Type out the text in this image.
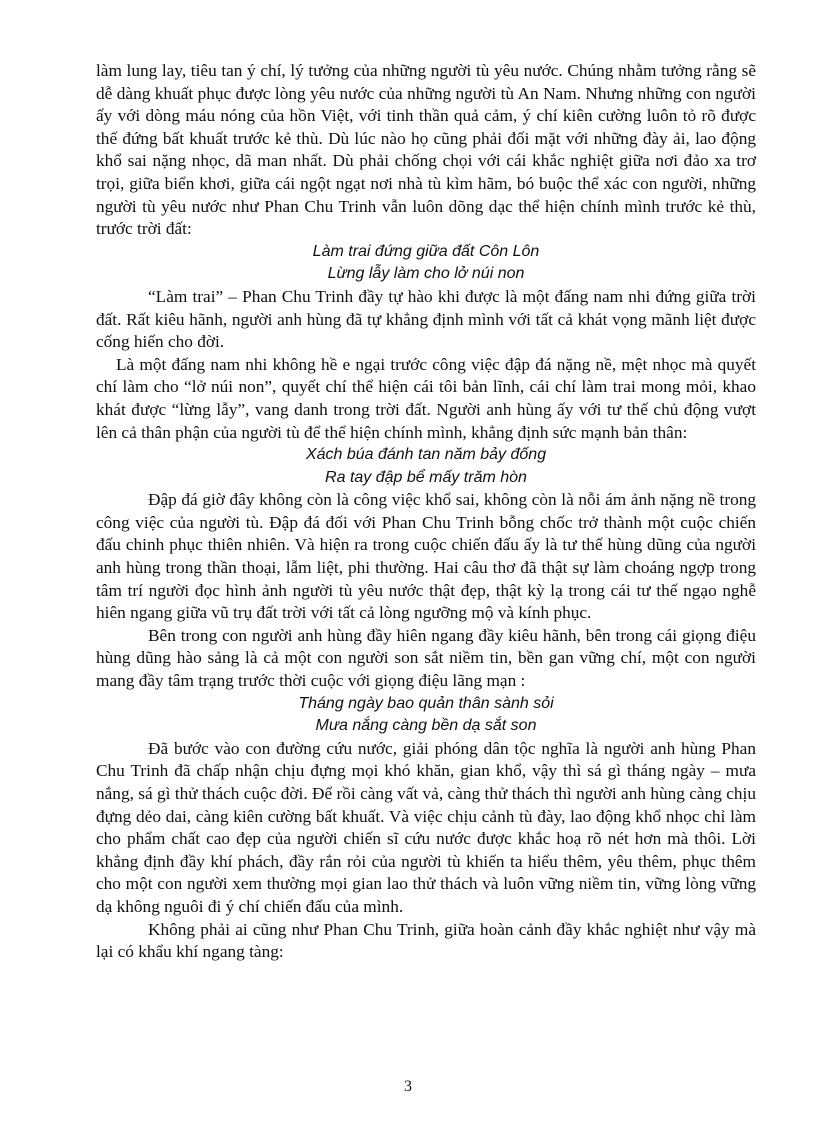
làm lung lay, tiêu tan ý chí, lý tưởng của những người tù yêu nước. Chúng nhằm tưởng rằng sẽ dễ dàng khuất phục được lòng yêu nước của những người tù An Nam. Nhưng những con người ấy với dòng máu nóng của hồn Việt, với tinh thần quả cảm, ý chí kiên cường luôn tỏ rõ được thế đứng bất khuất trước kẻ thù. Dù lúc nào họ cũng phải đối mặt với những đày ải, lao động khổ sai nặng nhọc, dã man nhất. Dù phải chống chọi với cái khắc nghiệt giữa nơi đảo xa trơ trọi, giữa biển khơi, giữa cái ngột ngạt nơi nhà tù kìm hãm, bó buộc thể xác con người, những người tù yêu nước như Phan Chu Trinh vẫn luôn dõng dạc thể hiện chính mình trước kẻ thù, trước trời đất:

Làm trai đứng giữa đất Côn Lôn
Lừng lẫy làm cho lở núi non

“Làm trai” – Phan Chu Trinh đầy tự hào khi được là một đấng nam nhi đứng giữa trời đất. Rất kiêu hãnh, người anh hùng đã tự khẳng định mình với tất cả khát vọng mãnh liệt được cống hiến cho đời.

Là một đấng nam nhi không hề e ngại trước công việc đập đá nặng nề, mệt nhọc mà quyết chí làm cho “lở núi non”, quyết chí thể hiện cái tôi bản lĩnh, cái chí làm trai mong mỏi, khao khát được “lừng lẫy”, vang danh trong trời đất. Người anh hùng ấy với tư thế chủ động vượt lên cả thân phận của người tù để thể hiện chính mình, khẳng định sức mạnh bản thân:

Xách búa đánh tan năm bảy đống
Ra tay đập bể mấy trăm hòn

Đập đá giờ đây không còn là công việc khổ sai, không còn là nỗi ám ảnh nặng nề trong công việc của người tù. Đập đá đối với Phan Chu Trinh bỗng chốc trở thành một cuộc chiến đấu chinh phục thiên nhiên. Và hiện ra trong cuộc chiến đấu ấy là tư thế hùng dũng của người anh hùng trong thần thoại, lẫm liệt, phi thường. Hai câu thơ đã thật sự làm choáng ngợp trong tâm trí người đọc hình ảnh người tù yêu nước thật đẹp, thật kỳ lạ trong cái tư thế ngạo nghễ hiên ngang giữa vũ trụ đất trời với tất cả lòng ngưỡng mộ và kính phục.

Bên trong con người anh hùng đầy hiên ngang đầy kiêu hãnh, bên trong cái giọng điệu hùng dũng hào sảng là cả một con người son sắt niềm tin, bền gan vững chí, một con người mang đầy tâm trạng trước thời cuộc với giọng điệu lãng mạn :

Tháng ngày bao quản thân sành sỏi
Mưa nắng càng bền dạ sắt son

Đã bước vào con đường cứu nước, giải phóng dân tộc nghĩa là người anh hùng Phan Chu Trinh đã chấp nhận chịu đựng mọi khó khăn, gian khổ, vậy thì sá gì tháng ngày – mưa nắng, sá gì thử thách cuộc đời. Để rồi càng vất vả, càng thử thách thì người anh hùng càng chịu đựng dẻo dai, càng kiên cường bất khuất. Và việc chịu cảnh tù đày, lao động khổ nhọc chỉ làm cho phẩm chất cao đẹp của người chiến sĩ cứu nước được khắc hoạ rõ nét hơn mà thôi. Lời khẳng định đầy khí phách, đầy rắn rỏi của người tù khiến ta hiểu thêm, yêu thêm, phục thêm cho một con người xem thường mọi gian lao thử thách và luôn vững niềm tin, vững lòng vững dạ không nguôi đi ý chí chiến đấu của mình.

Không phải ai cũng như Phan Chu Trinh, giữa hoàn cảnh đầy khắc nghiệt như vậy mà lại có khẩu khí ngang tàng:

3
